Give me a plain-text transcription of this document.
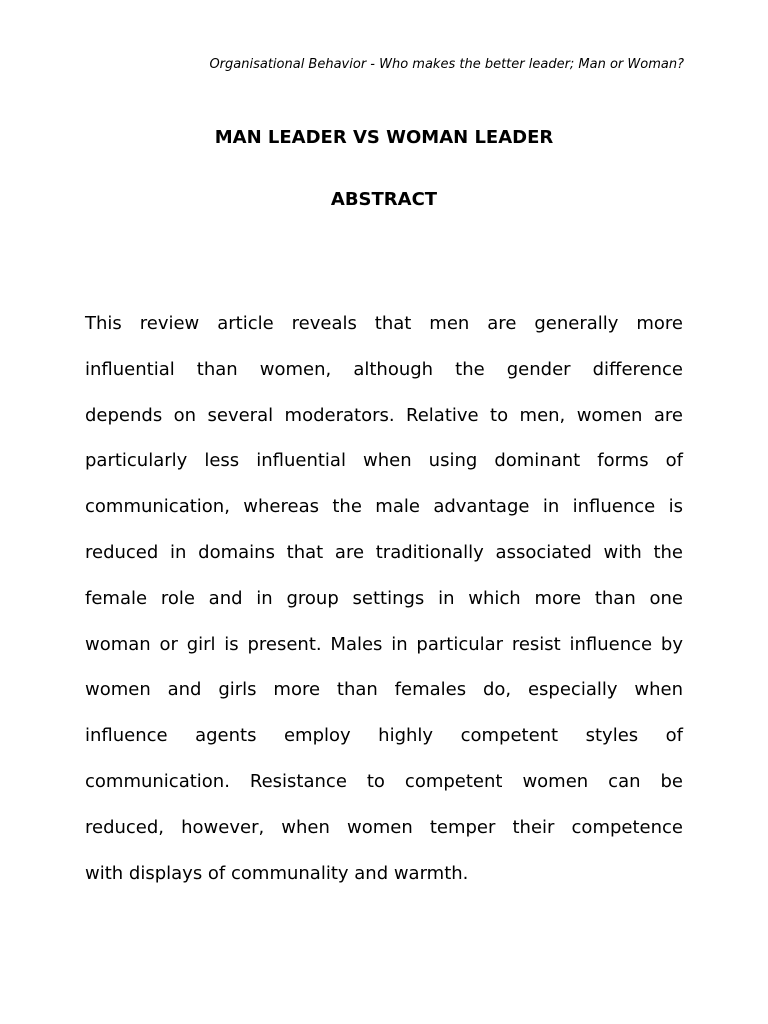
Organisational Behavior - Who makes the better leader; Man or Woman?
MAN LEADER VS WOMAN LEADER
ABSTRACT
This review article reveals that men are generally more
influential than women, although the gender difference
depends on several moderators. Relative to men, women are
particularly less influential when using dominant forms of
communication, whereas the male advantage in influence is
reduced in domains that are traditionally associated with the
female role and in group settings in which more than one
woman or girl is present. Males in particular resist influence by
women and girls more than females do, especially when
influence agents employ highly competent styles of
communication. Resistance to competent women can be
reduced, however, when women temper their competence
with displays of communality and warmth.
